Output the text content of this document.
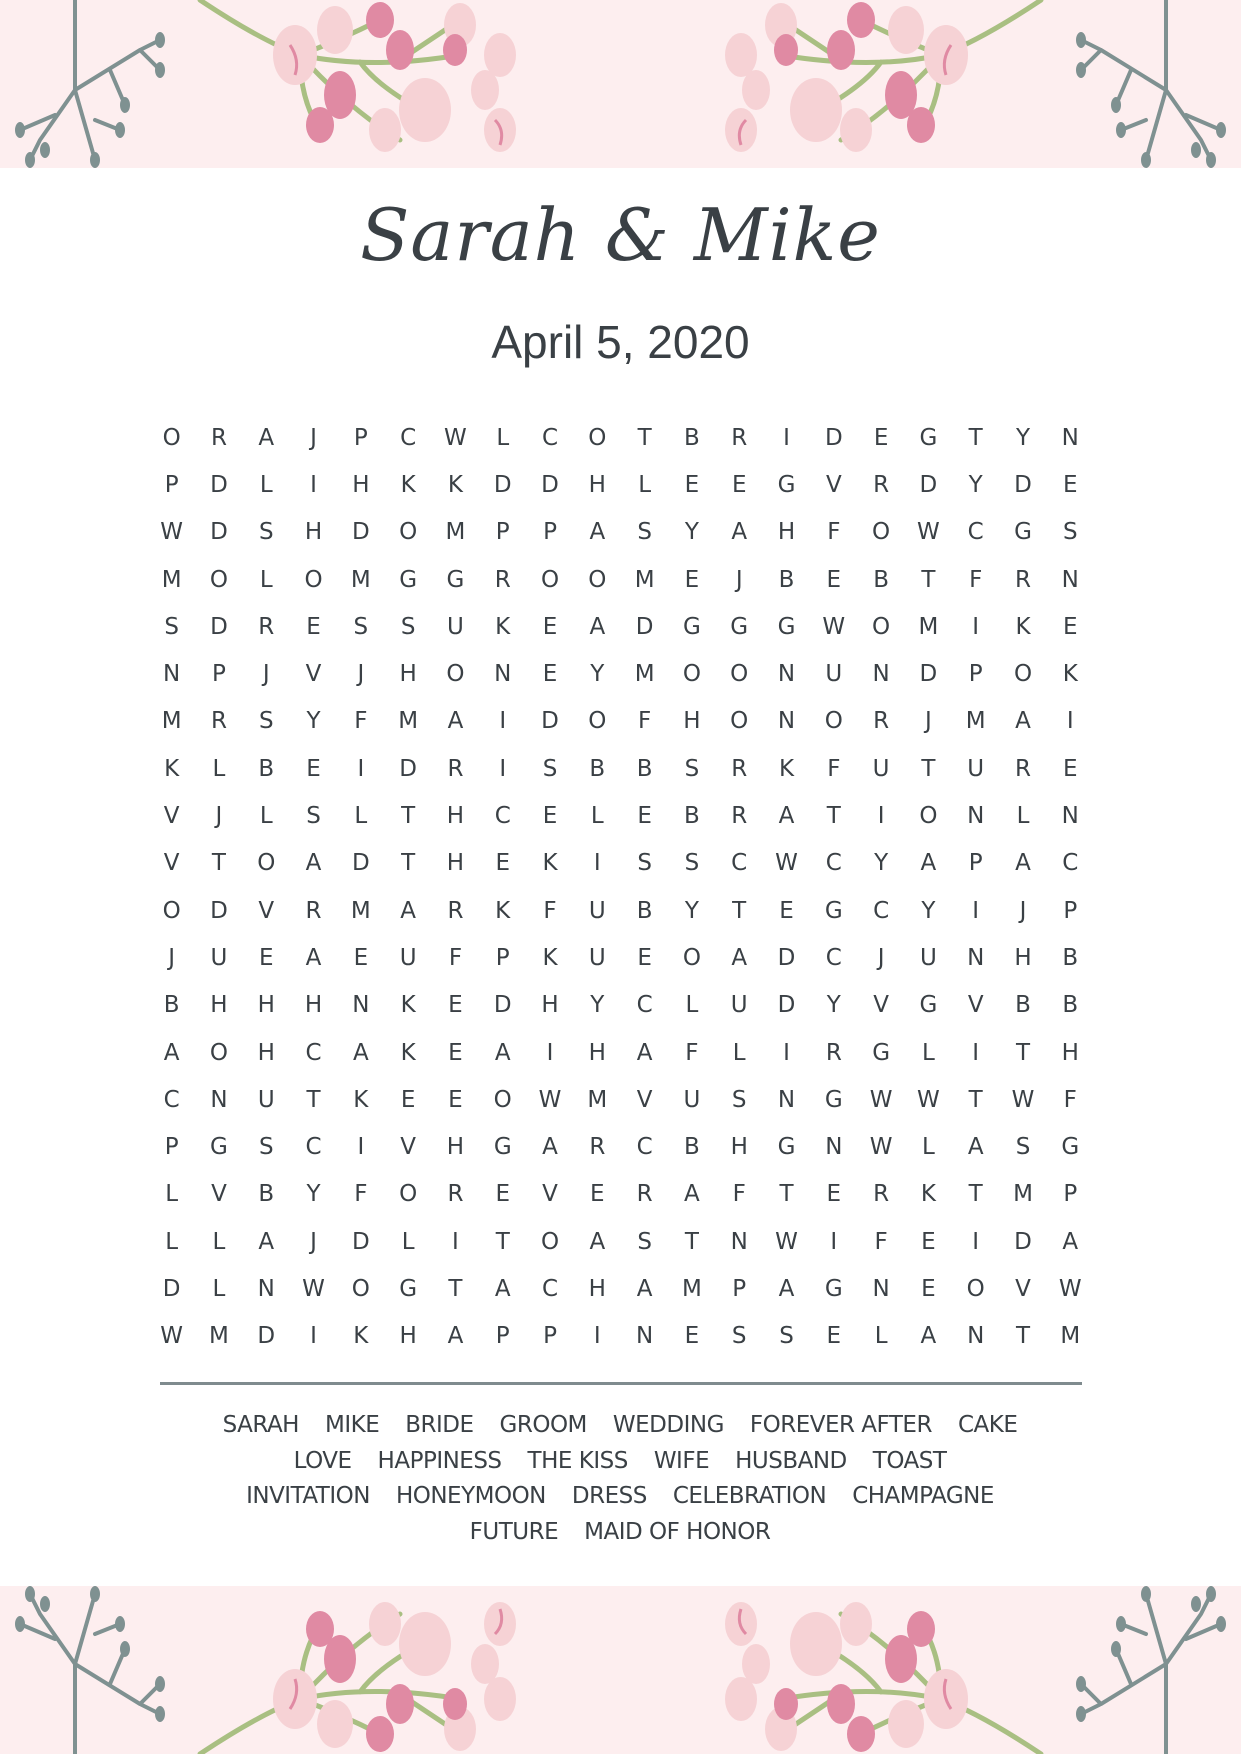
Sarah & Mike
April 5, 2020
O	R	A	J	P	C	W	L	C	O	T	B	R	I	D	E	G	T	Y	N
P	D	L	I	H	K	K	D	D	H	L	E	E	G	V	R	D	Y	D	E
W	D	S	H	D	O	M	P	P	A	S	Y	A	H	F	O	W	C	G	S
M	O	L	O	M	G	G	R	O	O	M	E	J	B	E	B	T	F	R	N
S	D	R	E	S	S	U	K	E	A	D	G	G	G	W	O	M	I	K	E
N	P	J	V	J	H	O	N	E	Y	M	O	O	N	U	N	D	P	O	K
M	R	S	Y	F	M	A	I	D	O	F	H	O	N	O	R	J	M	A	I
K	L	B	E	I	D	R	I	S	B	B	S	R	K	F	U	T	U	R	E
V	J	L	S	L	T	H	C	E	L	E	B	R	A	T	I	O	N	L	N
V	T	O	A	D	T	H	E	K	I	S	S	C	W	C	Y	A	P	A	C
O	D	V	R	M	A	R	K	F	U	B	Y	T	E	G	C	Y	I	J	P
J	U	E	A	E	U	F	P	K	U	E	O	A	D	C	J	U	N	H	B
B	H	H	H	N	K	E	D	H	Y	C	L	U	D	Y	V	G	V	B	B
A	O	H	C	A	K	E	A	I	H	A	F	L	I	R	G	L	I	T	H
C	N	U	T	K	E	E	O	W	M	V	U	S	N	G	W	W	T	W	F
P	G	S	C	I	V	H	G	A	R	C	B	H	G	N	W	L	A	S	G
L	V	B	Y	F	O	R	E	V	E	R	A	F	T	E	R	K	T	M	P
L	L	A	J	D	L	I	T	O	A	S	T	N	W	I	F	E	I	D	A
D	L	N	W	O	G	T	A	C	H	A	M	P	A	G	N	E	O	V	W
W	M	D	I	K	H	A	P	P	I	N	E	S	S	E	L	A	N	T	M
SARAH MIKE BRIDE GROOM WEDDING FOREVER AFTER CAKE
LOVE HAPPINESS THE KISS WIFE HUSBAND TOAST
INVITATION HONEYMOON DRESS CELEBRATION CHAMPAGNE
FUTURE MAID OF HONOR
